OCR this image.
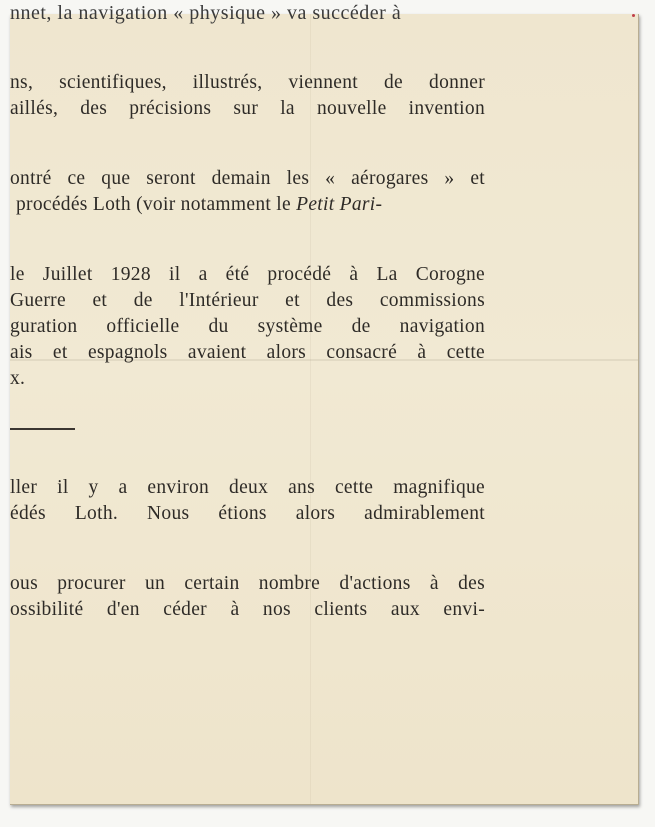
nnet, la navigation « physique » va succéder à
ns, scientifiques, illustrés, viennent de donner
aillés, des précisions sur la nouvelle invention
ontré ce que seront demain les « aérogares » et
procédés Loth (voir notamment le Petit Pari-
le Juillet 1928 il a été procédé à La Corogne
Guerre et de l'Intérieur et des commissions
guration officielle du système de navigation
ais et espagnols avaient alors consacré à cette
x.
ller il y a environ deux ans cette magnifique
édés Loth. Nous étions alors admirablement
ous procurer un certain nombre d'actions à des
ossibilité d'en céder à nos clients aux envi-
